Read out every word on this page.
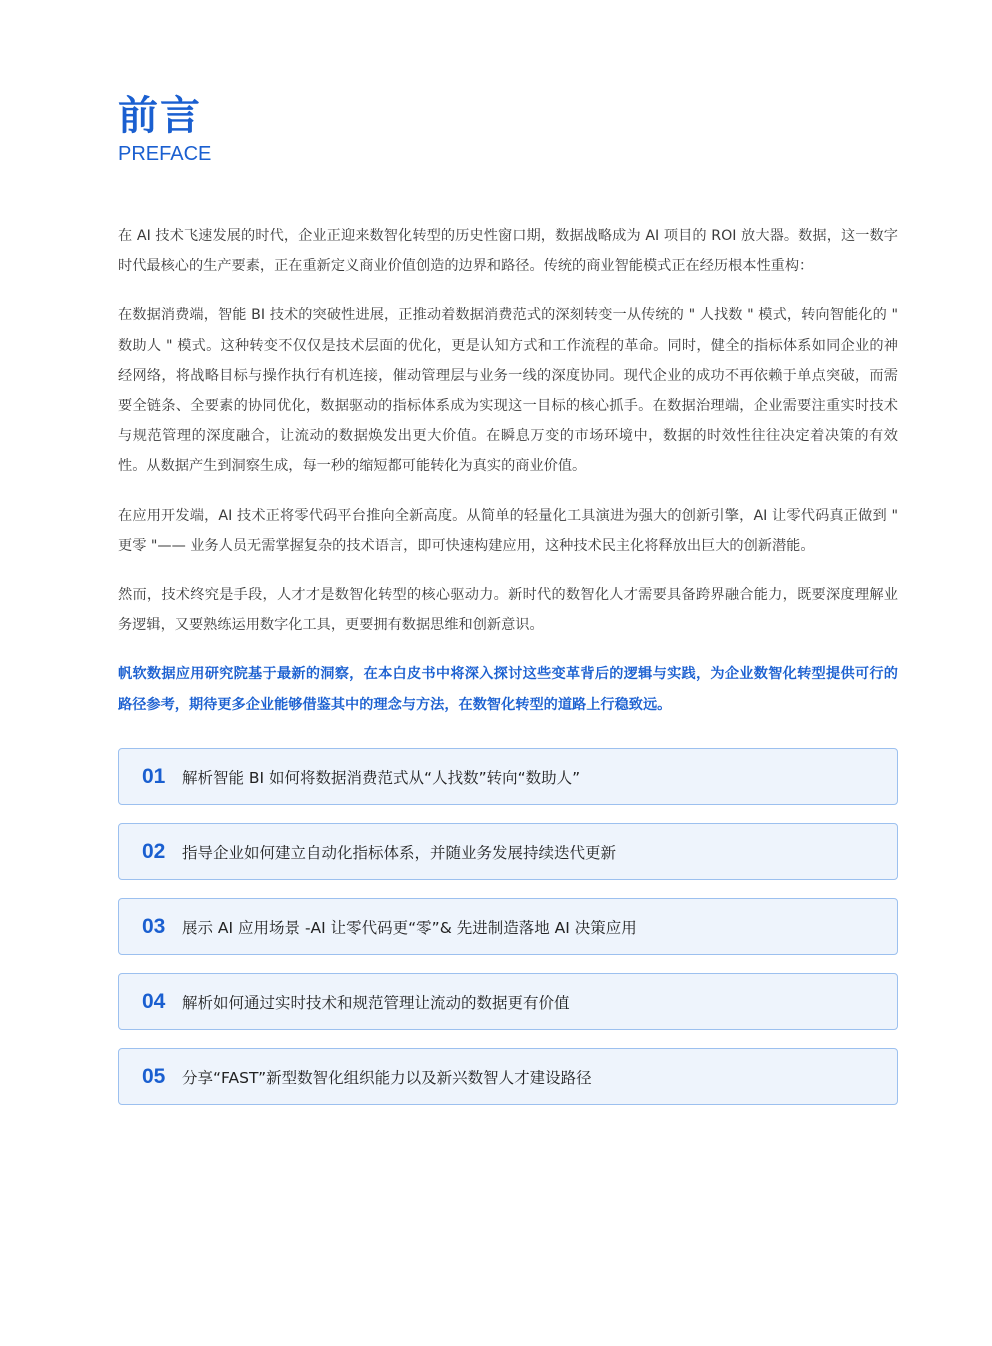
前言
PREFACE

在 AI 技术飞速发展的时代，企业正迎来数智化转型的历史性窗口期，数据战略成为 AI 项目的 ROI 放大器。数据，这一数字时代最核心的生产要素，正在重新定义商业价值创造的边界和路径。传统的商业智能模式正在经历根本性重构：

在数据消费端，智能 BI 技术的突破性进展，正推动着数据消费范式的深刻转变一从传统的 " 人找数 " 模式，转向智能化的 " 数助人 " 模式。这种转变不仅仅是技术层面的优化，更是认知方式和工作流程的革命。同时，健全的指标体系如同企业的神经网络，将战略目标与操作执行有机连接，催动管理层与业务一线的深度协同。现代企业的成功不再依赖于单点突破，而需要全链条、全要素的协同优化，数据驱动的指标体系成为实现这一目标的核心抓手。在数据治理端，企业需要注重实时技术与规范管理的深度融合，让流动的数据焕发出更大价值。在瞬息万变的市场环境中，数据的时效性往往决定着决策的有效性。从数据产生到洞察生成，每一秒的缩短都可能转化为真实的商业价值。

在应用开发端，AI 技术正将零代码平台推向全新高度。从简单的轻量化工具演进为强大的创新引擎，AI 让零代码真正做到 " 更零 "—— 业务人员无需掌握复杂的技术语言，即可快速构建应用，这种技术民主化将释放出巨大的创新潜能。

然而，技术终究是手段，人才才是数智化转型的核心驱动力。新时代的数智化人才需要具备跨界融合能力，既要深度理解业务逻辑，又要熟练运用数字化工具，更要拥有数据思维和创新意识。

帆软数据应用研究院基于最新的洞察，在本白皮书中将深入探讨这些变革背后的逻辑与实践，为企业数智化转型提供可行的路径参考，期待更多企业能够借鉴其中的理念与方法，在数智化转型的道路上行稳致远。

01	解析智能 BI 如何将数据消费范式从“人找数”转向“数助人”
02	指导企业如何建立自动化指标体系，并随业务发展持续迭代更新
03	展示 AI 应用场景 -AI 让零代码更“零”& 先进制造落地 AI 决策应用
04	解析如何通过实时技术和规范管理让流动的数据更有价值
05	分享“FAST”新型数智化组织能力以及新兴数智人才建设路径
